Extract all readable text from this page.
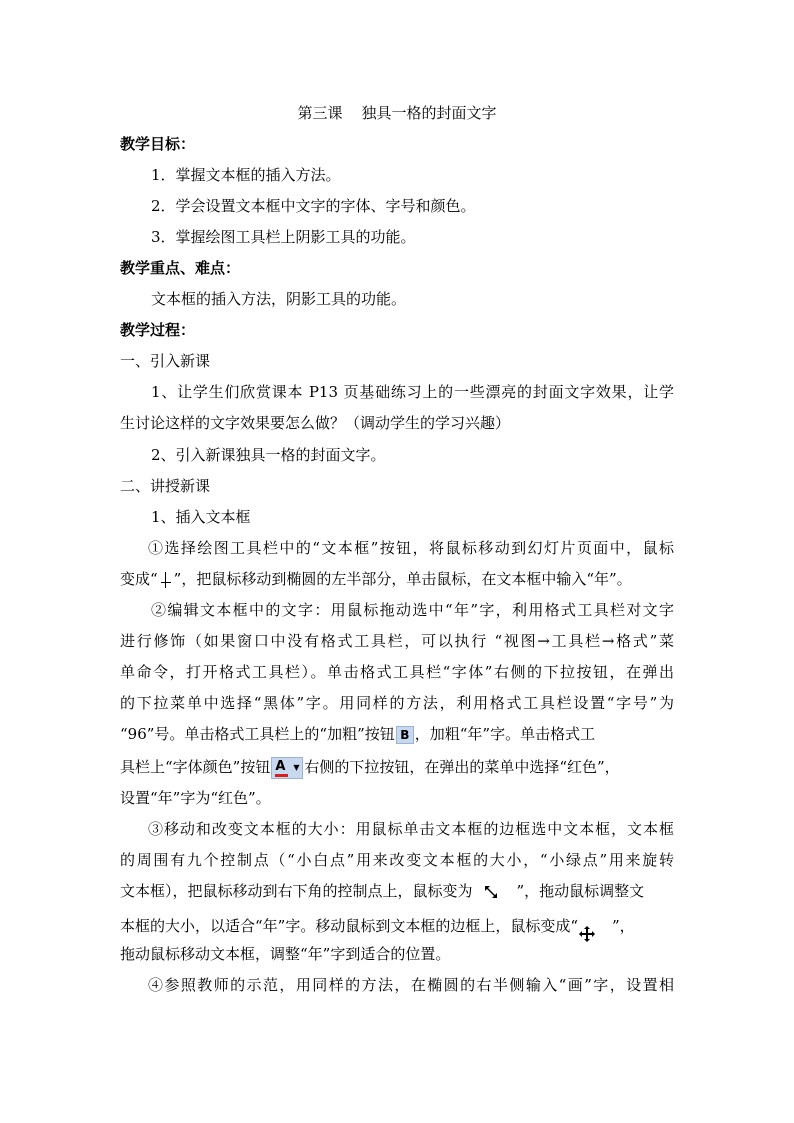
第三课    独具一格的封面文字
教学目标：
1．掌握文本框的插入方法。
2．学会设置文本框中文字的字体、字号和颜色。
3．掌握绘图工具栏上阴影工具的功能。
教学重点、难点：
文本框的插入方法，阴影工具的功能。
教学过程：
一、引入新课
1、让学生们欣赏课本 P13 页基础练习上的一些漂亮的封面文字效果，让学
生讨论这样的文字效果要怎么做？（调动学生的学习兴趣）
2、引入新课独具一格的封面文字。
二、讲授新课
1、插入文本框
①选择绘图工具栏中的“文本框”按钮，将鼠标移动到幻灯片页面中，鼠标
变成“ ”，把鼠标移动到椭圆的左半部分，单击鼠标，在文本框中输入“年”。
②编辑文本框中的文字：用鼠标拖动选中“年”字，利用格式工具栏对文字
进行修饰（如果窗口中没有格式工具栏，可以执行 “视图→工具栏→格式”菜
单命令，打开格式工具栏）。单击格式工具栏“字体”右侧的下拉按钮，在弹出
的下拉菜单中选择“黑体”字。用同样的方法，利用格式工具栏设置“字号”为
“96”号。单击格式工具栏上的“加粗”按钮 B ，加粗“年”字。单击格式工
具栏上“字体颜色”按钮 A ▼ 右侧的下拉按钮，在弹出的菜单中选择“红色”，
设置“年”字为“红色”。
③移动和改变文本框的大小：用鼠标单击文本框的边框选中文本框，文本框
的周围有九个控制点（“小白点”用来改变文本框的大小，“小绿点”用来旋转
文本框），把鼠标移动到右下角的控制点上，鼠标变为	”，拖动鼠标调整文
本框的大小，以适合“年”字。移动鼠标到文本框的边框上，鼠标变成“ ”，
拖动鼠标移动文本框，调整“年”字到适合的位置。
④参照教师的示范，用同样的方法，在椭圆的右半侧输入“画”字，设置相
